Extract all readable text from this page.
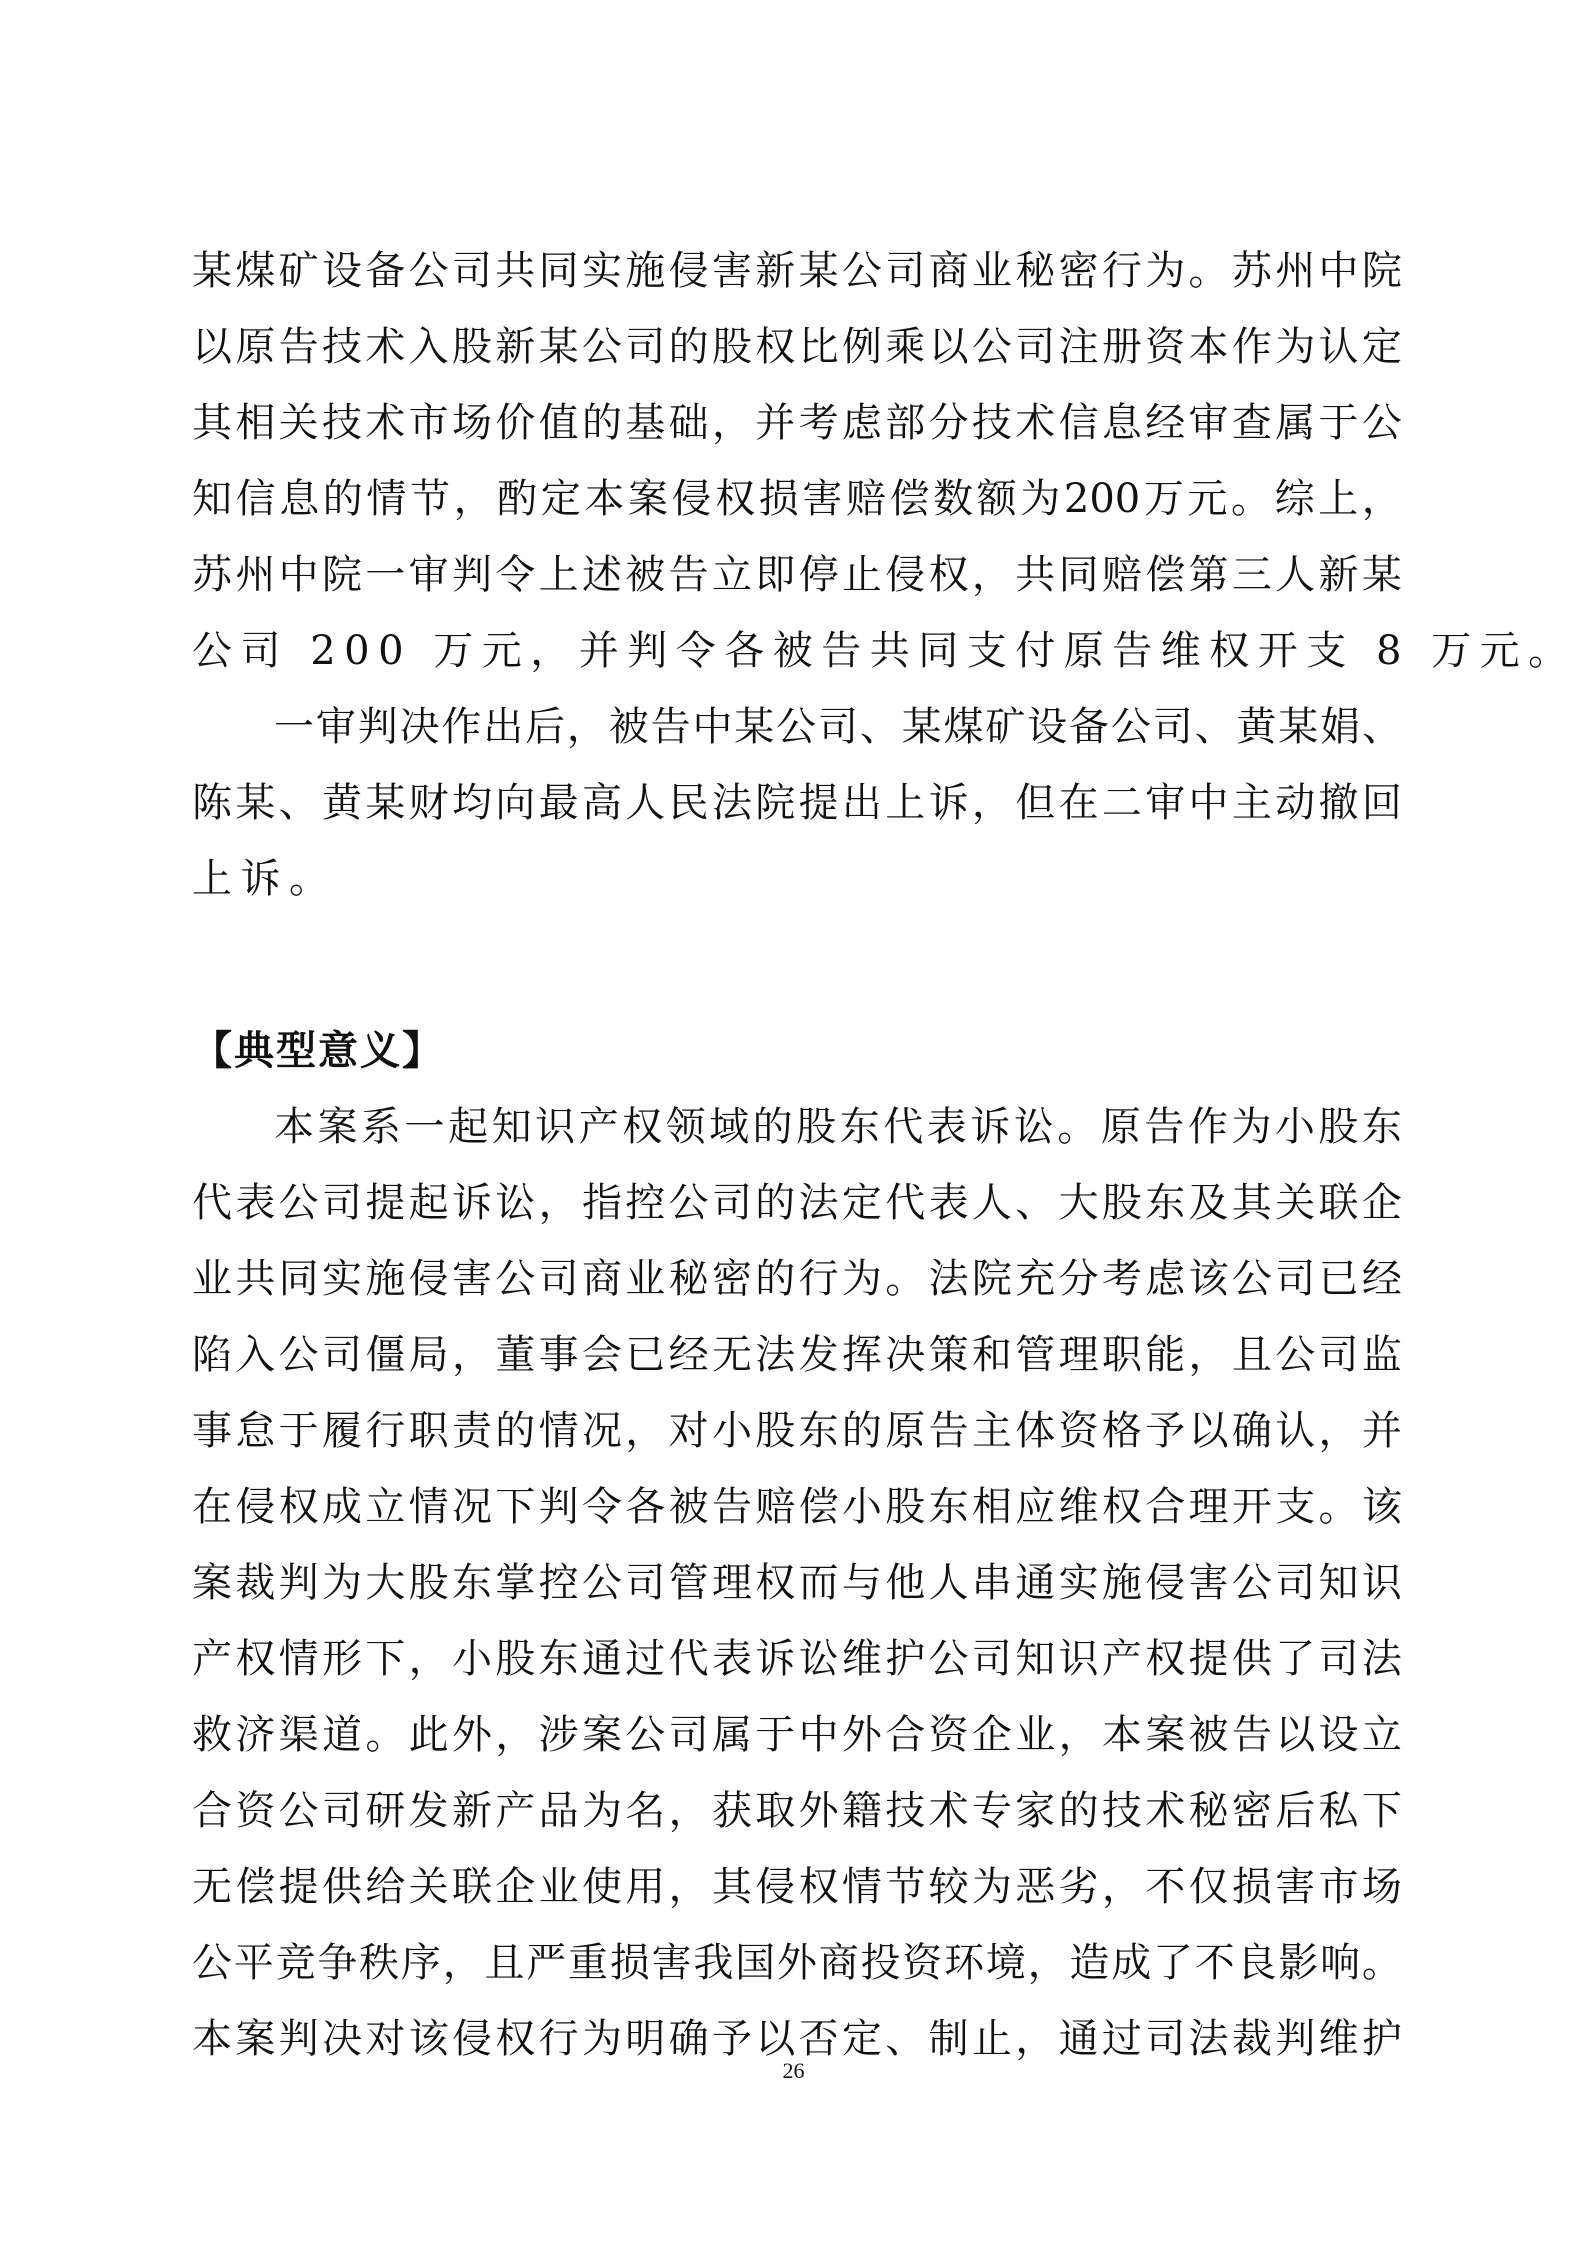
某 煤 矿 设 备 公 司 共 同 实 施 侵 害 新 某 公 司 商 业 秘 密 行 为 。 苏 州 中 院
以 原 告 技 术 入 股 新 某 公 司 的 股 权 比 例 乘 以 公 司 注 册 资 本 作 为 认 定
其 相 关 技 术 市 场 价 值 的 基 础 ， 并 考 虑 部 分 技 术 信 息 经 审 查 属 于 公
知 信 息 的 情 节 ， 酌 定 本 案 侵 权 损 害 赔 偿 数 额 为 200 万 元 。 综 上 ，
苏 州 中 院 一 审 判 令 上 述 被 告 立 即 停 止 侵 权 ， 共 同 赔 偿 第 三 人 新 某
公司 200 万元，并判令各被告共同支付原告维权开支 8 万元。
一 审 判 决 作 出 后 ， 被 告 中 某 公 司 、 某 煤 矿 设 备 公 司 、 黄 某 娟 、
陈 某 、 黄 某 财 均 向 最 高 人 民 法 院 提 出 上 诉 ， 但 在 二 审 中 主 动 撤 回
上诉。
【典型意义】
本 案 系 一 起 知 识 产 权 领 域 的 股 东 代 表 诉 讼 。 原 告 作 为 小 股 东
代 表 公 司 提 起 诉 讼 ， 指 控 公 司 的 法 定 代 表 人 、 大 股 东 及 其 关 联 企
业 共 同 实 施 侵 害 公 司 商 业 秘 密 的 行 为 。 法 院 充 分 考 虑 该 公 司 已 经
陷 入 公 司 僵 局 ， 董 事 会 已 经 无 法 发 挥 决 策 和 管 理 职 能 ， 且 公 司 监
事 怠 于 履 行 职 责 的 情 况 ， 对 小 股 东 的 原 告 主 体 资 格 予 以 确 认 ， 并
在 侵 权 成 立 情 况 下 判 令 各 被 告 赔 偿 小 股 东 相 应 维 权 合 理 开 支 。 该
案 裁 判 为 大 股 东 掌 控 公 司 管 理 权 而 与 他 人 串 通 实 施 侵 害 公 司 知 识
产 权 情 形 下 ， 小 股 东 通 过 代 表 诉 讼 维 护 公 司 知 识 产 权 提 供 了 司 法
救 济 渠 道 。 此 外 ， 涉 案 公 司 属 于 中 外 合 资 企 业 ， 本 案 被 告 以 设 立
合 资 公 司 研 发 新 产 品 为 名 ， 获 取 外 籍 技 术 专 家 的 技 术 秘 密 后 私 下
无 偿 提 供 给 关 联 企 业 使 用 ， 其 侵 权 情 节 较 为 恶 劣 ， 不 仅 损 害 市 场
公 平 竞 争 秩 序 ， 且 严 重 损 害 我 国 外 商 投 资 环 境 ， 造 成 了 不 良 影 响 。
本 案 判 决 对 该 侵 权 行 为 明 确 予 以 否 定 、 制 止 ， 通 过 司 法 裁 判 维 护
26
